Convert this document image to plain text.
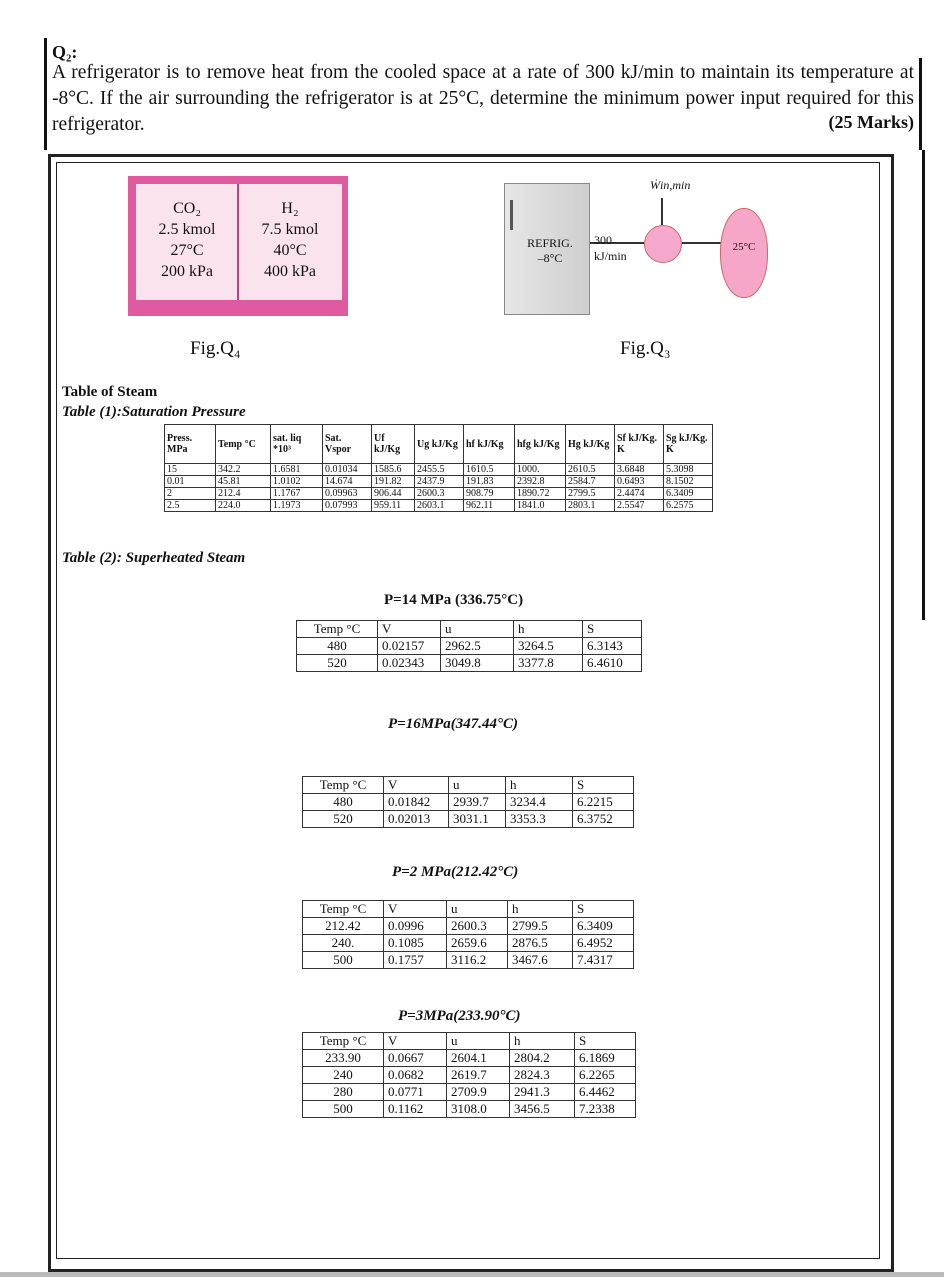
Q₂:
A refrigerator is to remove heat from the cooled space at a rate of 300 kJ/min to maintain its temperature at -8°C. If the air surrounding the refrigerator is at 25°C, determine the minimum power input required for this refrigerator.	(25 Marks)
CO₂
2.5 kmol
27°C
200 kPa
H₂
7.5 kmol
40°C
400 kPa
Fig.Q₄
REFRIG.
–8°C
300
kJ/min
Ẇin,min
25°C
Fig.Q₃
Table of Steam
Table (1):Saturation Pressure
Press. MPa	Temp °C	sat. liq *10³	Sat. Vspor	Uf kJ/Kg	Ug kJ/Kg	hf kJ/Kg	hfg kJ/Kg	Hg kJ/Kg	Sf kJ/Kg. K	Sg kJ/Kg. K
15	342.2	1.6581	0.01034	1585.6	2455.5	1610.5	1000.	2610.5	3.6848	5.3098
0.01	45.81	1.0102	14.674	191.82	2437.9	191.83	2392.8	2584.7	0.6493	8.1502
2	212.4	1.1767	0.09963	906.44	2600.3	908.79	1890.72	2799.5	2.4474	6.3409
2.5	224.0	1.1973	0.07993	959.11	2603.1	962.11	1841.0	2803.1	2.5547	6.2575
Table (2): Superheated Steam
P=14 MPa (336.75°C)
Temp °C	V	u	h	S
480	0.02157	2962.5	3264.5	6.3143
520	0.02343	3049.8	3377.8	6.4610
P=16MPa(347.44°C)
Temp °C	V	u	h	S
480	0.01842	2939.7	3234.4	6.2215
520	0.02013	3031.1	3353.3	6.3752
P=2 MPa(212.42°C)
Temp °C	V	u	h	S
212.42	0.0996	2600.3	2799.5	6.3409
240.	0.1085	2659.6	2876.5	6.4952
500	0.1757	3116.2	3467.6	7.4317
P=3MPa(233.90°C)
Temp °C	V	u	h	S
233.90	0.0667	2604.1	2804.2	6.1869
240	0.0682	2619.7	2824.3	6.2265
280	0.0771	2709.9	2941.3	6.4462
500	0.1162	3108.0	3456.5	7.2338
